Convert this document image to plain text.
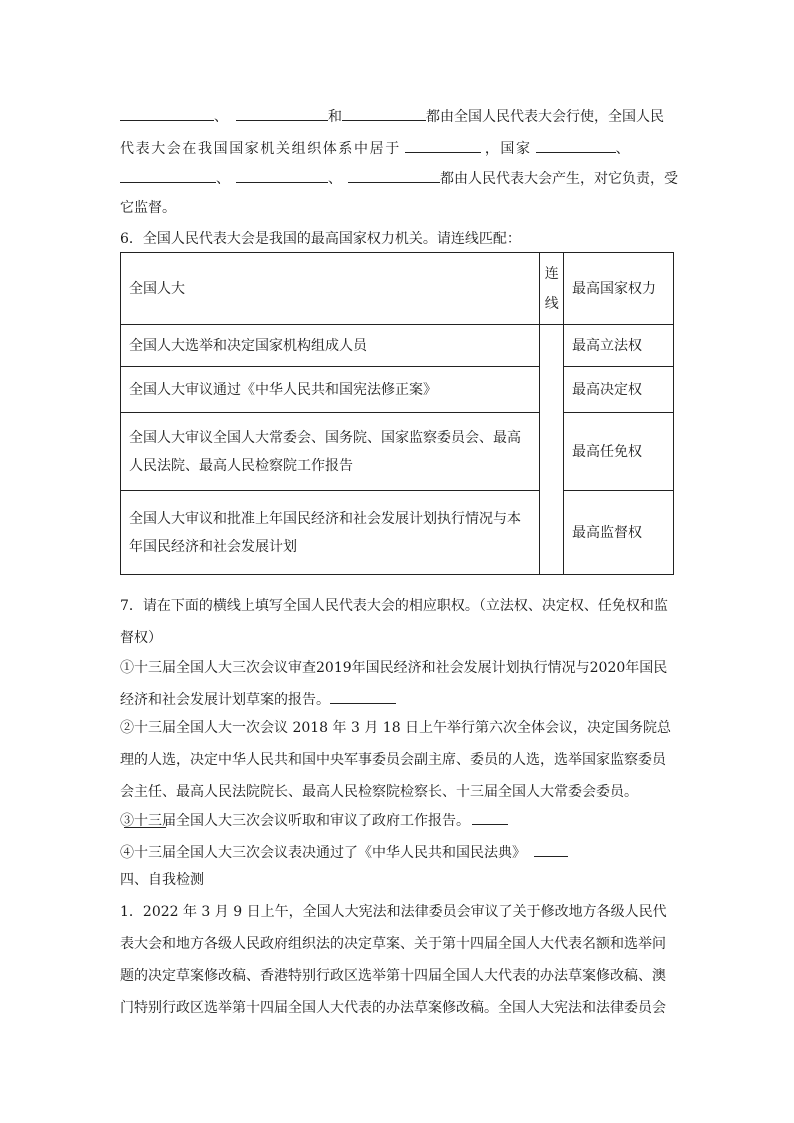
、	和	都由全国人民代表大会行使，全国人民
代表大会在我国国家机关组织体系中居于	，国家	、
、	、	都由人民代表大会产生，对它负责，受
它监督。
6．全国人民代表大会是我国的最高国家权力机关。请连线匹配：
全国人大	连线	最高国家权力
全国人大选举和决定国家机构组成人员		最高立法权
全国人大审议通过《中华人民共和国宪法修正案》		最高决定权
全国人大审议全国人大常委会、国务院、国家监察委员会、最高人民法院、最高人民检察院工作报告		最高任免权
全国人大审议和批准上年国民经济和社会发展计划执行情况与本年国民经济和社会发展计划		最高监督权
7．请在下面的横线上填写全国人民代表大会的相应职权。（立法权、决定权、任免权和监督权）
①十三届全国人大三次会议审查2019年国民经济和社会发展计划执行情况与2020年国民经济和社会发展计划草案的报告。
②十三届全国人大一次会议 2018 年 3 月 18 日上午举行第六次全体会议，决定国务院总理的人选，决定中华人民共和国中央军事委员会副主席、委员的人选，选举国家监察委员会主任、最高人民法院院长、最高人民检察院检察长、十三届全国人大常委会委员。
③十三届全国人大三次会议听取和审议了政府工作报告。
④十三届全国人大三次会议表决通过了《中华人民共和国民法典》
四、自我检测
1．2022 年 3 月 9 日上午，全国人大宪法和法律委员会审议了关于修改地方各级人民代表大会和地方各级人民政府组织法的决定草案、关于第十四届全国人大代表名额和选举问题的决定草案修改稿、香港特别行政区选举第十四届全国人大代表的办法草案修改稿、澳门特别行政区选举第十四届全国人大代表的办法草案修改稿。全国人大宪法和法律委员会
